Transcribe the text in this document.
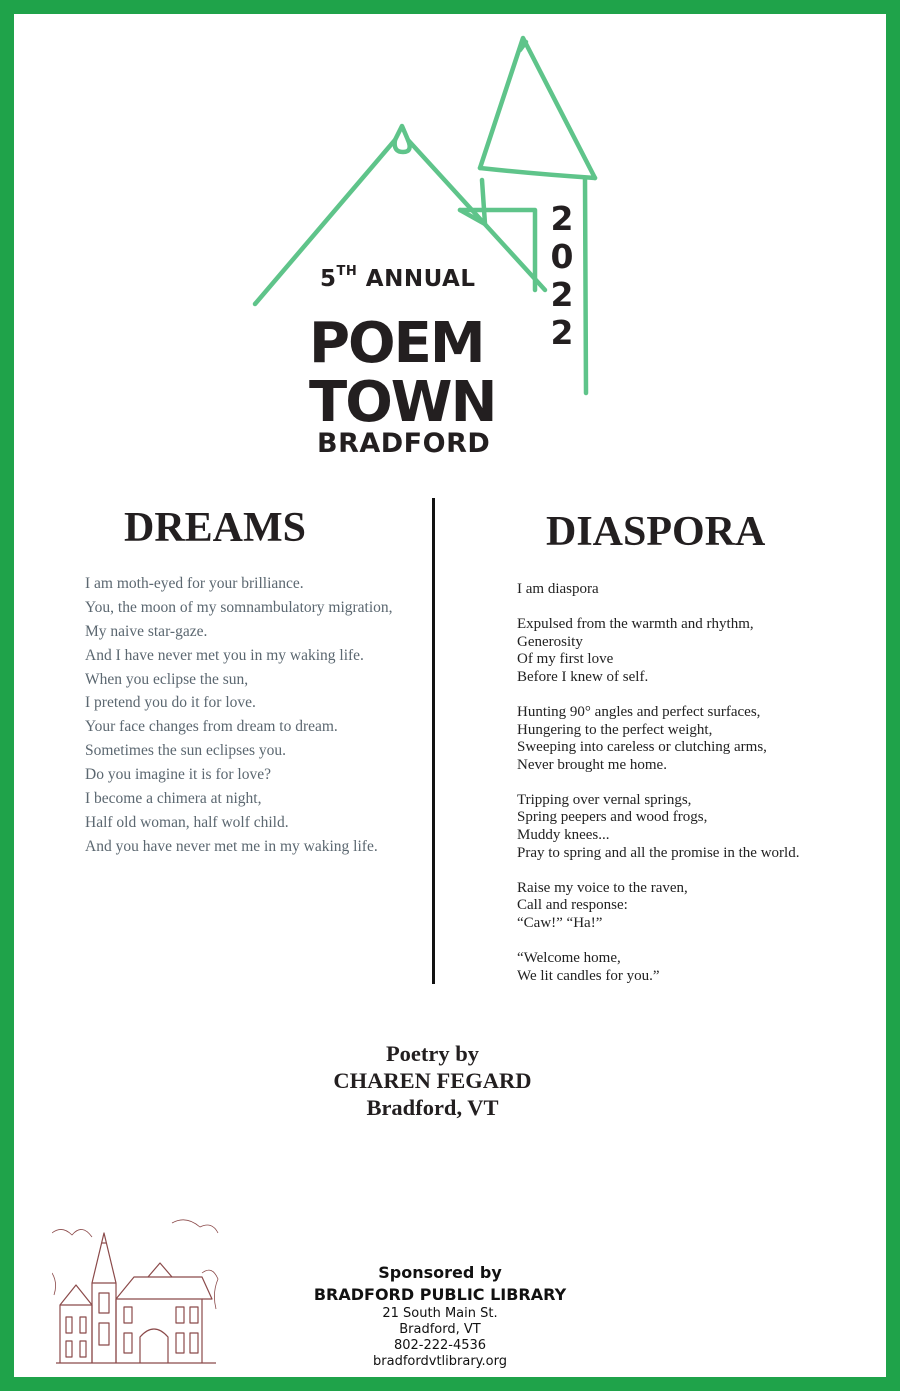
5TH ANNUAL
POEM
TOWN
BRADFORD
2
0
2
2
DREAMS
I am moth-eyed for your brilliance.
You, the moon of my somnambulatory migration,
My naive star-gaze.
And I have never met you in my waking life.
When you eclipse the sun,
I pretend you do it for love.
Your face changes from dream to dream.
Sometimes the sun eclipses you.
Do you imagine it is for love?
I become a chimera at night,
Half old woman, half wolf child.
And you have never met me in my waking life.
DIASPORA
I am diaspora
Expulsed from the warmth and rhythm,
Generosity
Of my first love
Before I knew of self.
Hunting 90° angles and perfect surfaces,
Hungering to the perfect weight,
Sweeping into careless or clutching arms,
Never brought me home.
Tripping over vernal springs,
Spring peepers and wood frogs,
Muddy knees...
Pray to spring and all the promise in the world.
Raise my voice to the raven,
Call and response:
“Caw!” “Ha!”
“Welcome home,
We lit candles for you.”
Poetry by
CHAREN FEGARD
Bradford, VT
Sponsored by
BRADFORD PUBLIC LIBRARY
21 South Main St.
Bradford, VT
802-222-4536
bradfordvtlibrary.org
